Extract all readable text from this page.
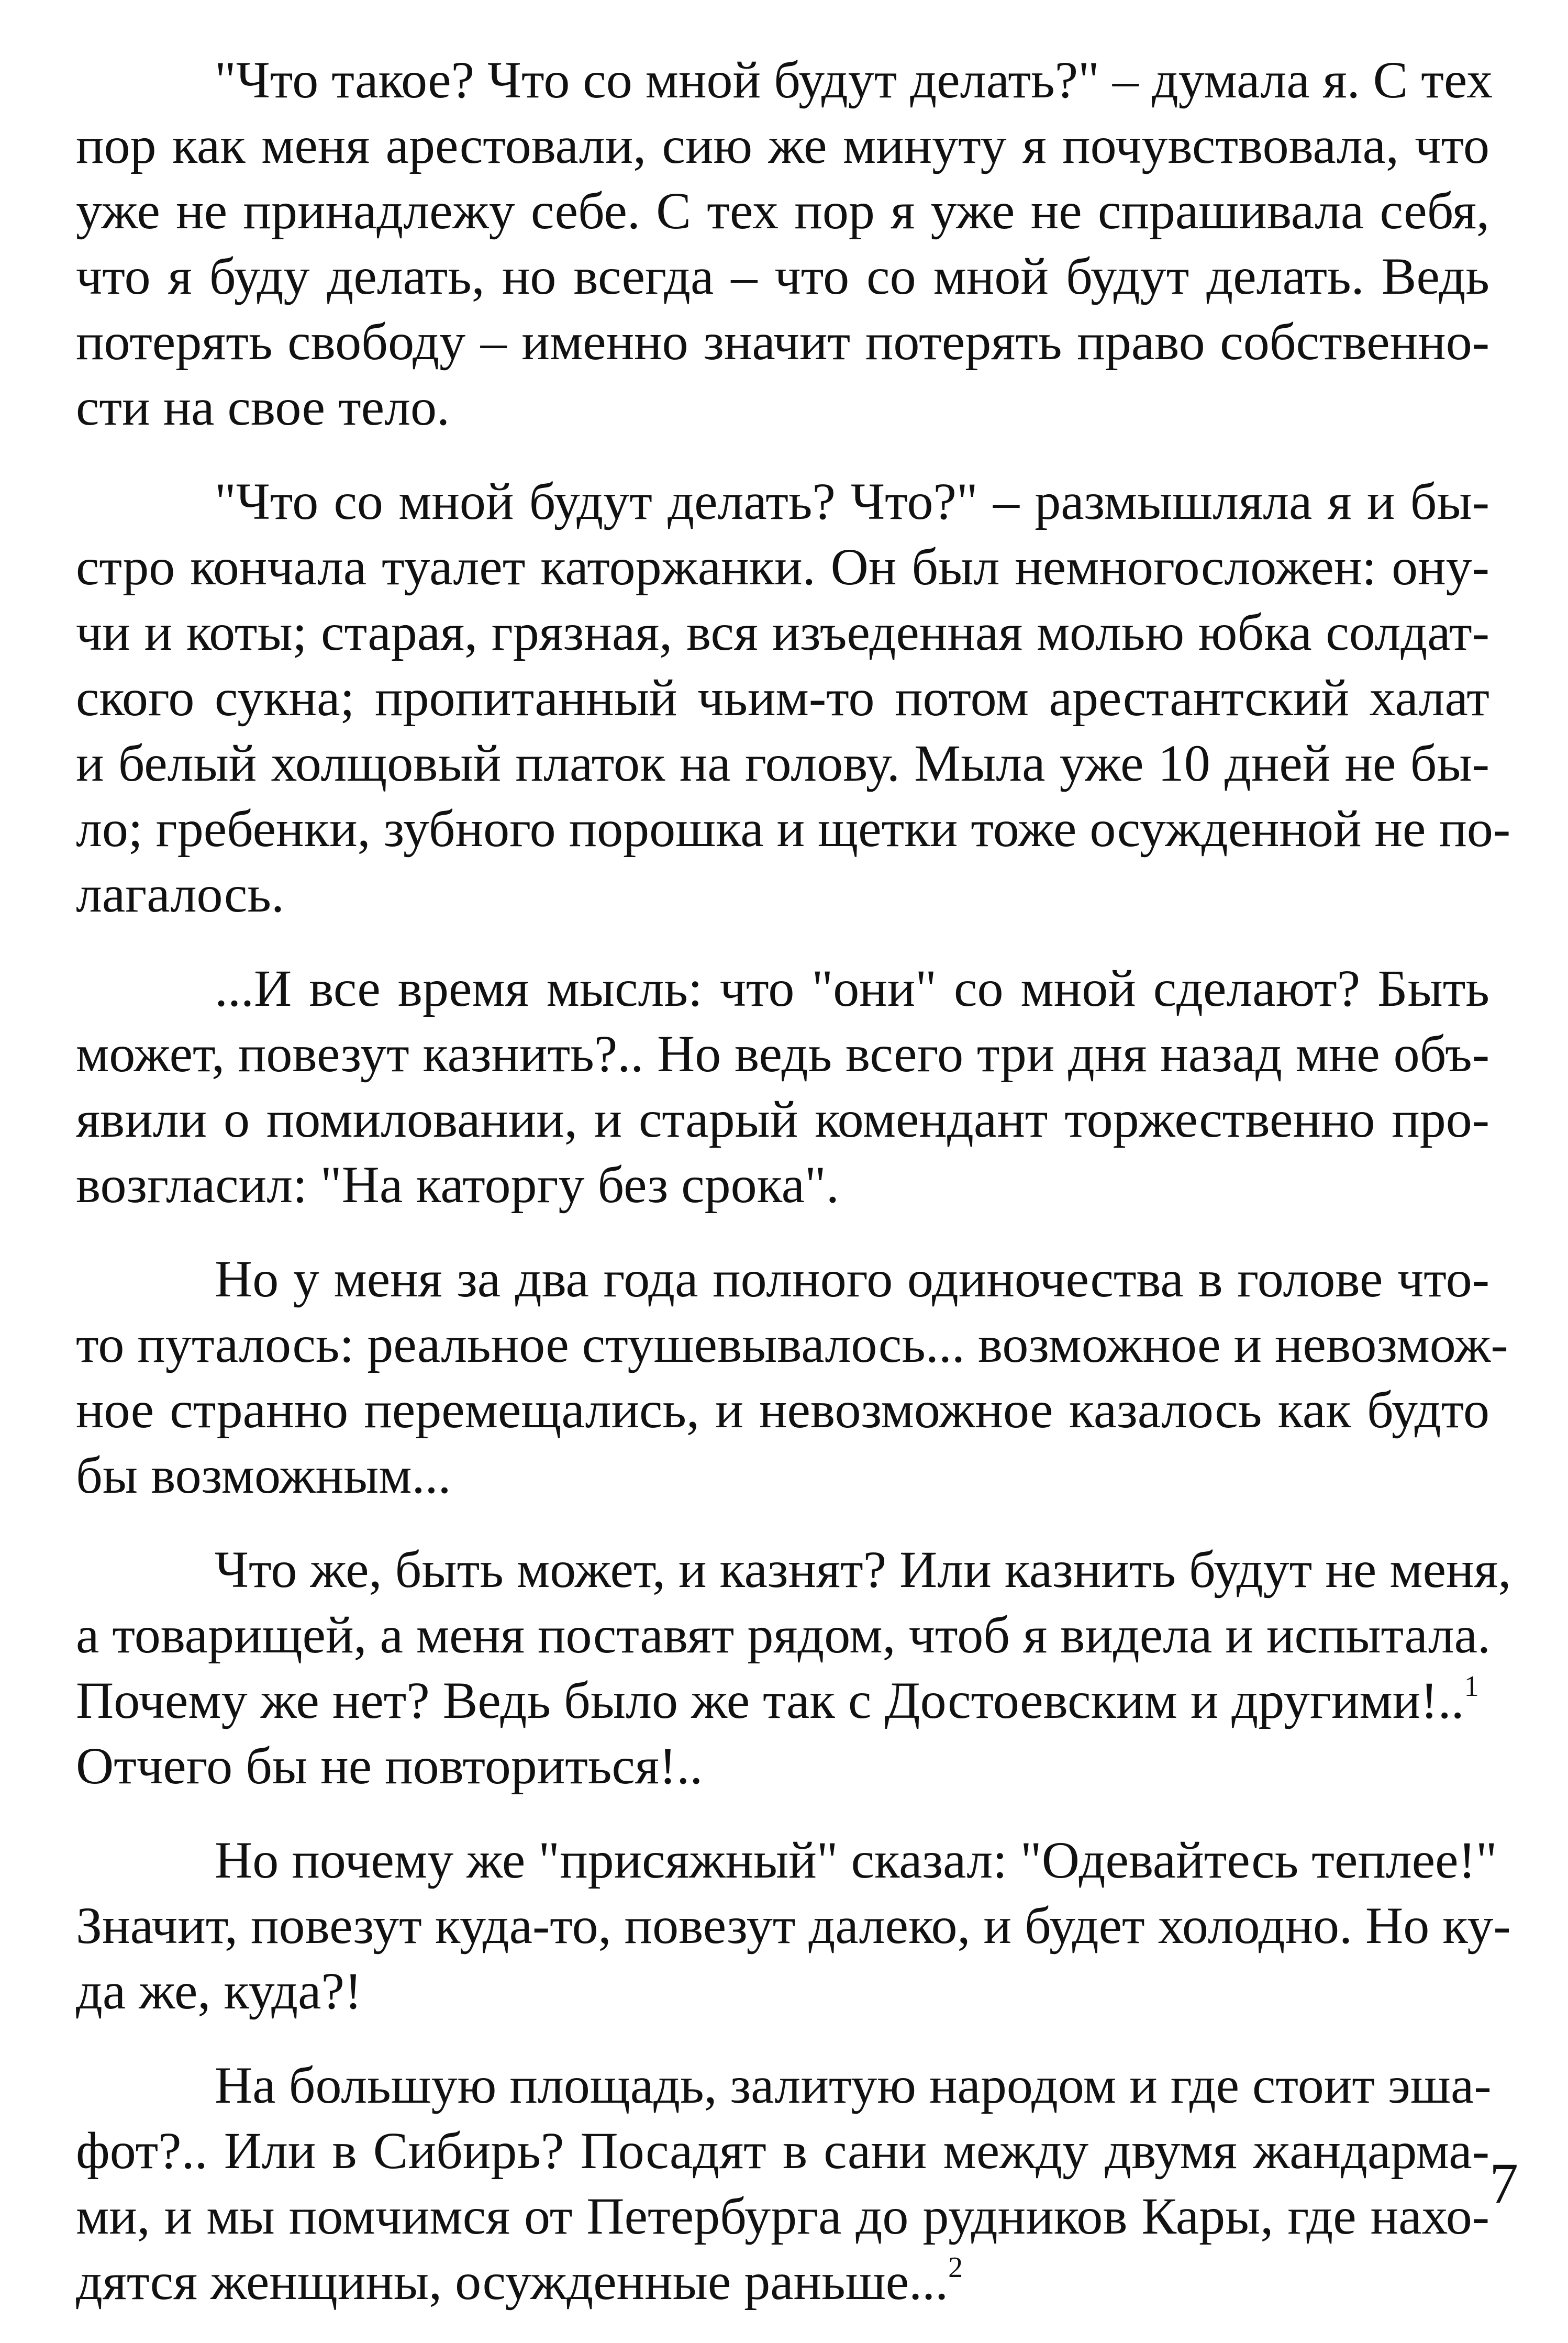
"Что такое? Что со мной будут делать?" – думала я. С тех
пор как меня арестовали, сию же минуту я почувствовала, что
уже не принадлежу себе. С тех пор я уже не спрашивала себя,
что я буду делать, но всегда – что со мной будут делать. Ведь
потерять свободу – именно значит потерять право собственно-
сти на свое тело.
"Что со мной будут делать? Что?" – размышляла я и бы-
стро кончала туалет каторжанки. Он был немногосложен: ону-
чи и коты; старая, грязная, вся изъеденная молью юбка солдат-
ского сукна; пропитанный чьим-то потом арестантский халат
и белый холщовый платок на голову. Мыла уже 10 дней не бы-
ло; гребенки, зубного порошка и щетки тоже осужденной не по-
лагалось.
...И все время мысль: что "они" со мной сделают? Быть
может, повезут казнить?.. Но ведь всего три дня назад мне объ-
явили о помиловании, и старый комендант торжественно про-
возгласил: "На каторгу без срока".
Но у меня за два года полного одиночества в голове что-
то путалось: реальное стушевывалось... возможное и невозмож-
ное странно перемещались, и невозможное казалось как будто
бы возможным...
Что же, быть может, и казнят? Или казнить будут не меня,
а товарищей, а меня поставят рядом, чтоб я видела и испытала.
Почему же нет? Ведь было же так с Достоевским и другими!..$^1$
Отчего бы не повториться!..
Но почему же "присяжный" сказал: "Одевайтесь теплее!"
Значит, повезут куда-то, повезут далеко, и будет холодно. Но ку-
да же, куда?!
На большую площадь, залитую народом и где стоит эша-
фот?.. Или в Сибирь? Посадят в сани между двумя жандарма-
ми, и мы помчимся от Петербурга до рудников Кары, где нахо-
дятся женщины, осужденные раньше...$^2$
7
